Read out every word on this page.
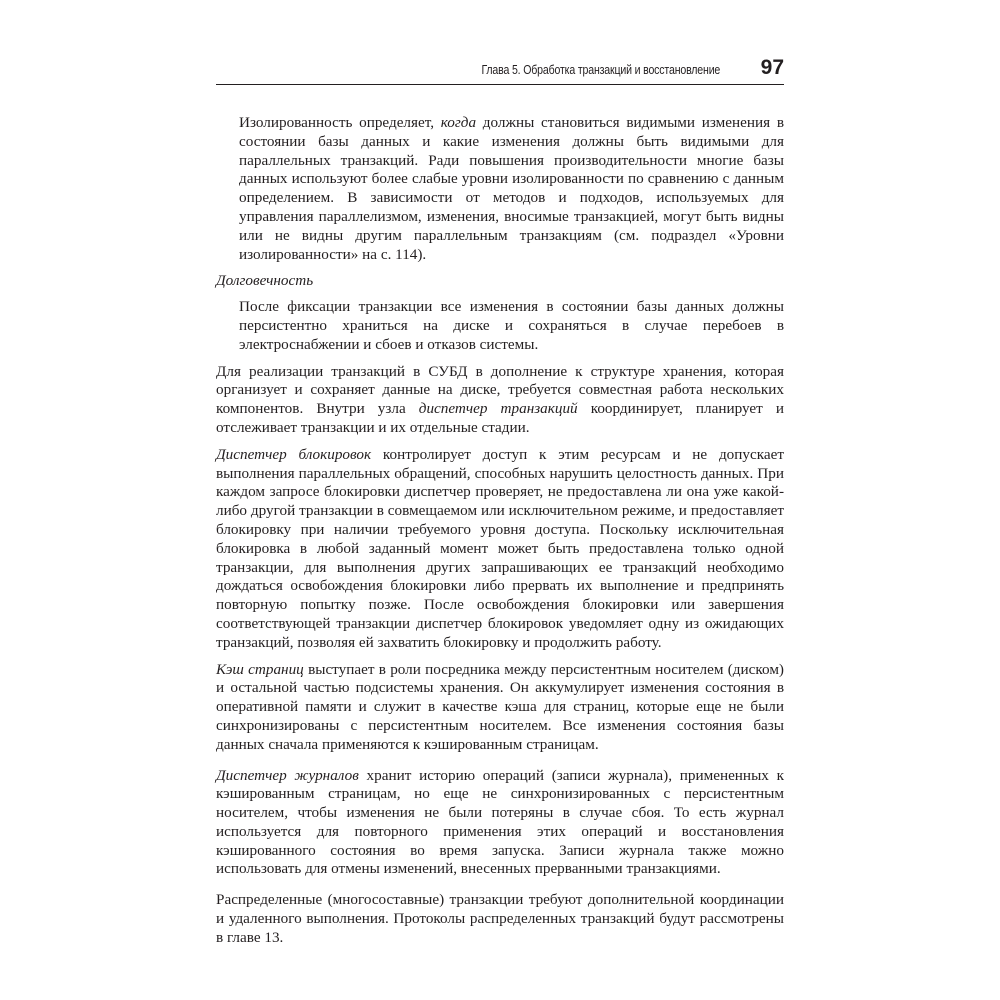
Глава 5. Обработка транзакций и восстановление 97

Изолированность определяет, когда должны становиться видимыми изменения в состоянии базы данных и какие изменения должны быть видимыми для параллельных транзакций. Ради повышения производительности многие базы данных используют более слабые уровни изолированности по сравнению с данным определением. В зависимости от методов и подходов, используемых для управления параллелизмом, изменения, вносимые транзакцией, могут быть видны или не видны другим параллельным транзакциям (см. подраздел «Уровни изолированности» на с. 114).

Долговечность

После фиксации транзакции все изменения в состоянии базы данных должны персистентно храниться на диске и сохраняться в случае перебоев в электроснабжении и сбоев и отказов системы.

Для реализации транзакций в СУБД в дополнение к структуре хранения, которая организует и сохраняет данные на диске, требуется совместная работа нескольких компонентов. Внутри узла диспетчер транзакций координирует, планирует и отслеживает транзакции и их отдельные стадии.

Диспетчер блокировок контролирует доступ к этим ресурсам и не допускает выполнения параллельных обращений, способных нарушить целостность данных. При каждом запросе блокировки диспетчер проверяет, не предоставлена ли она уже какой-либо другой транзакции в совмещаемом или исключительном режиме, и предоставляет блокировку при наличии требуемого уровня доступа. Поскольку исключительная блокировка в любой заданный момент может быть предоставлена только одной транзакции, для выполнения других запрашивающих ее транзакций необходимо дождаться освобождения блокировки либо прервать их выполнение и предпринять повторную попытку позже. После освобождения блокировки или завершения соответствующей транзакции диспетчер блокировок уведомляет одну из ожидающих транзакций, позволяя ей захватить блокировку и продолжить работу.

Кэш страниц выступает в роли посредника между персистентным носителем (диском) и остальной частью подсистемы хранения. Он аккумулирует изменения состояния в оперативной памяти и служит в качестве кэша для страниц, которые еще не были синхронизированы с персистентным носителем. Все изменения состояния базы данных сначала применяются к кэшированным страницам.

Диспетчер журналов хранит историю операций (записи журнала), примененных к кэшированным страницам, но еще не синхронизированных с персистентным носителем, чтобы изменения не были потеряны в случае сбоя. То есть журнал используется для повторного применения этих операций и восстановления кэшированного состояния во время запуска. Записи журнала также можно использовать для отмены изменений, внесенных прерванными транзакциями.

Распределенные (многосоставные) транзакции требуют дополнительной координации и удаленного выполнения. Протоколы распределенных транзакций будут рассмотрены в главе 13.
